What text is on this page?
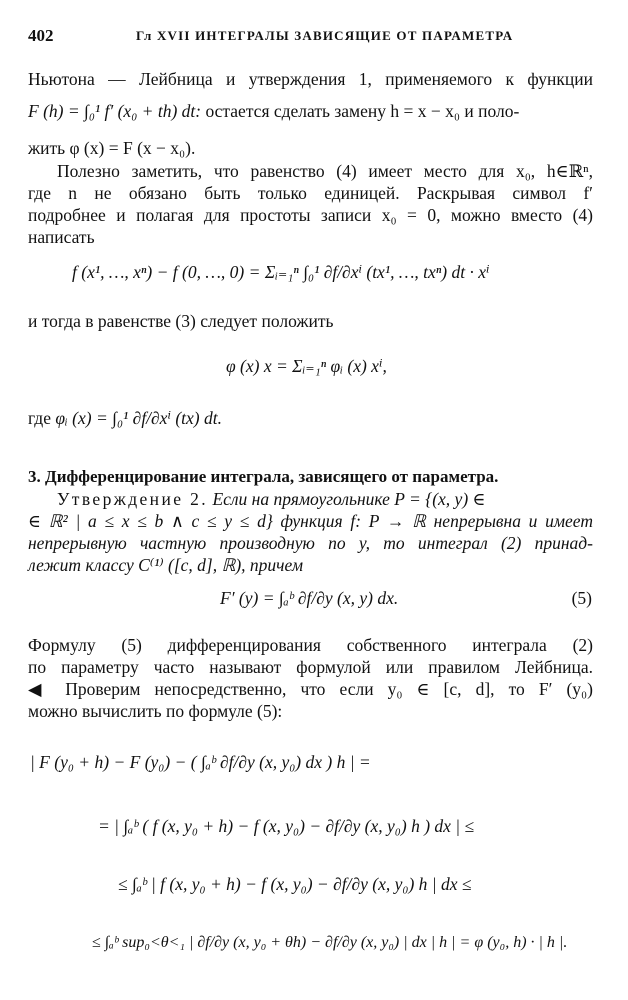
402	Гл XVII ИНТЕГРАЛЫ ЗАВИСЯЩИЕ ОТ ПАРАМЕТРА
Ньютона — Лейбница и утверждения 1, применяемого к функции
F (h) = ∫₀¹ f′ (x₀ + th) dt: остается сделать замену h = x − x₀ и поло-
жить φ (x) = F (x − x₀).
Полезно заметить, что равенство (4) имеет место для x₀, h∈ℝⁿ,
где n не обязано быть только единицей. Раскрывая символ f′
подробнее и полагая для простоты записи x₀ = 0, можно вместо (4)
написать
f (x¹, …, xⁿ) − f (0, …, 0) = Σᵢ₌₁ⁿ ∫₀¹ ∂f/∂xⁱ (tx¹, …, txⁿ) dt · xⁱ
и тогда в равенстве (3) следует положить
φ (x) x = Σᵢ₌₁ⁿ φᵢ (x) xⁱ,
где φᵢ (x) = ∫₀¹ ∂f/∂xⁱ (tx) dt.
3. Дифференцирование интеграла, зависящего от параметра.
Утверждение 2. Если на прямоугольнике P = {(x, y) ∈
∈ ℝ² | a ≤ x ≤ b ∧ c ≤ y ≤ d} функция f: P → ℝ непрерывна и имеет
непрерывную частную производную по y, то интеграл (2) принад-
лежит классу C⁽¹⁾ ([c, d], ℝ), причем
F′ (y) = ∫ₐᵇ ∂f/∂y (x, y) dx.	(5)
Формулу (5) дифференцирования собственного интеграла (2)
по параметру часто называют формулой или правилом Лейбница.
◀ Проверим непосредственно, что если y₀ ∈ [c, d], то F′ (y₀)
можно вычислить по формуле (5):
| F (y₀ + h) − F (y₀) − ( ∫ₐᵇ ∂f/∂y (x, y₀) dx ) h | =
= | ∫ₐᵇ ( f (x, y₀ + h) − f (x, y₀) − ∂f/∂y (x, y₀) h ) dx | ≤
≤ ∫ₐᵇ | f (x, y₀ + h) − f (x, y₀) − ∂f/∂y (x, y₀) h | dx ≤
≤ ∫ₐᵇ sup₀<θ<₁ | ∂f/∂y (x, y₀ + θh) − ∂f/∂y (x, y₀) | dx | h | = φ (y₀, h) · | h |.
